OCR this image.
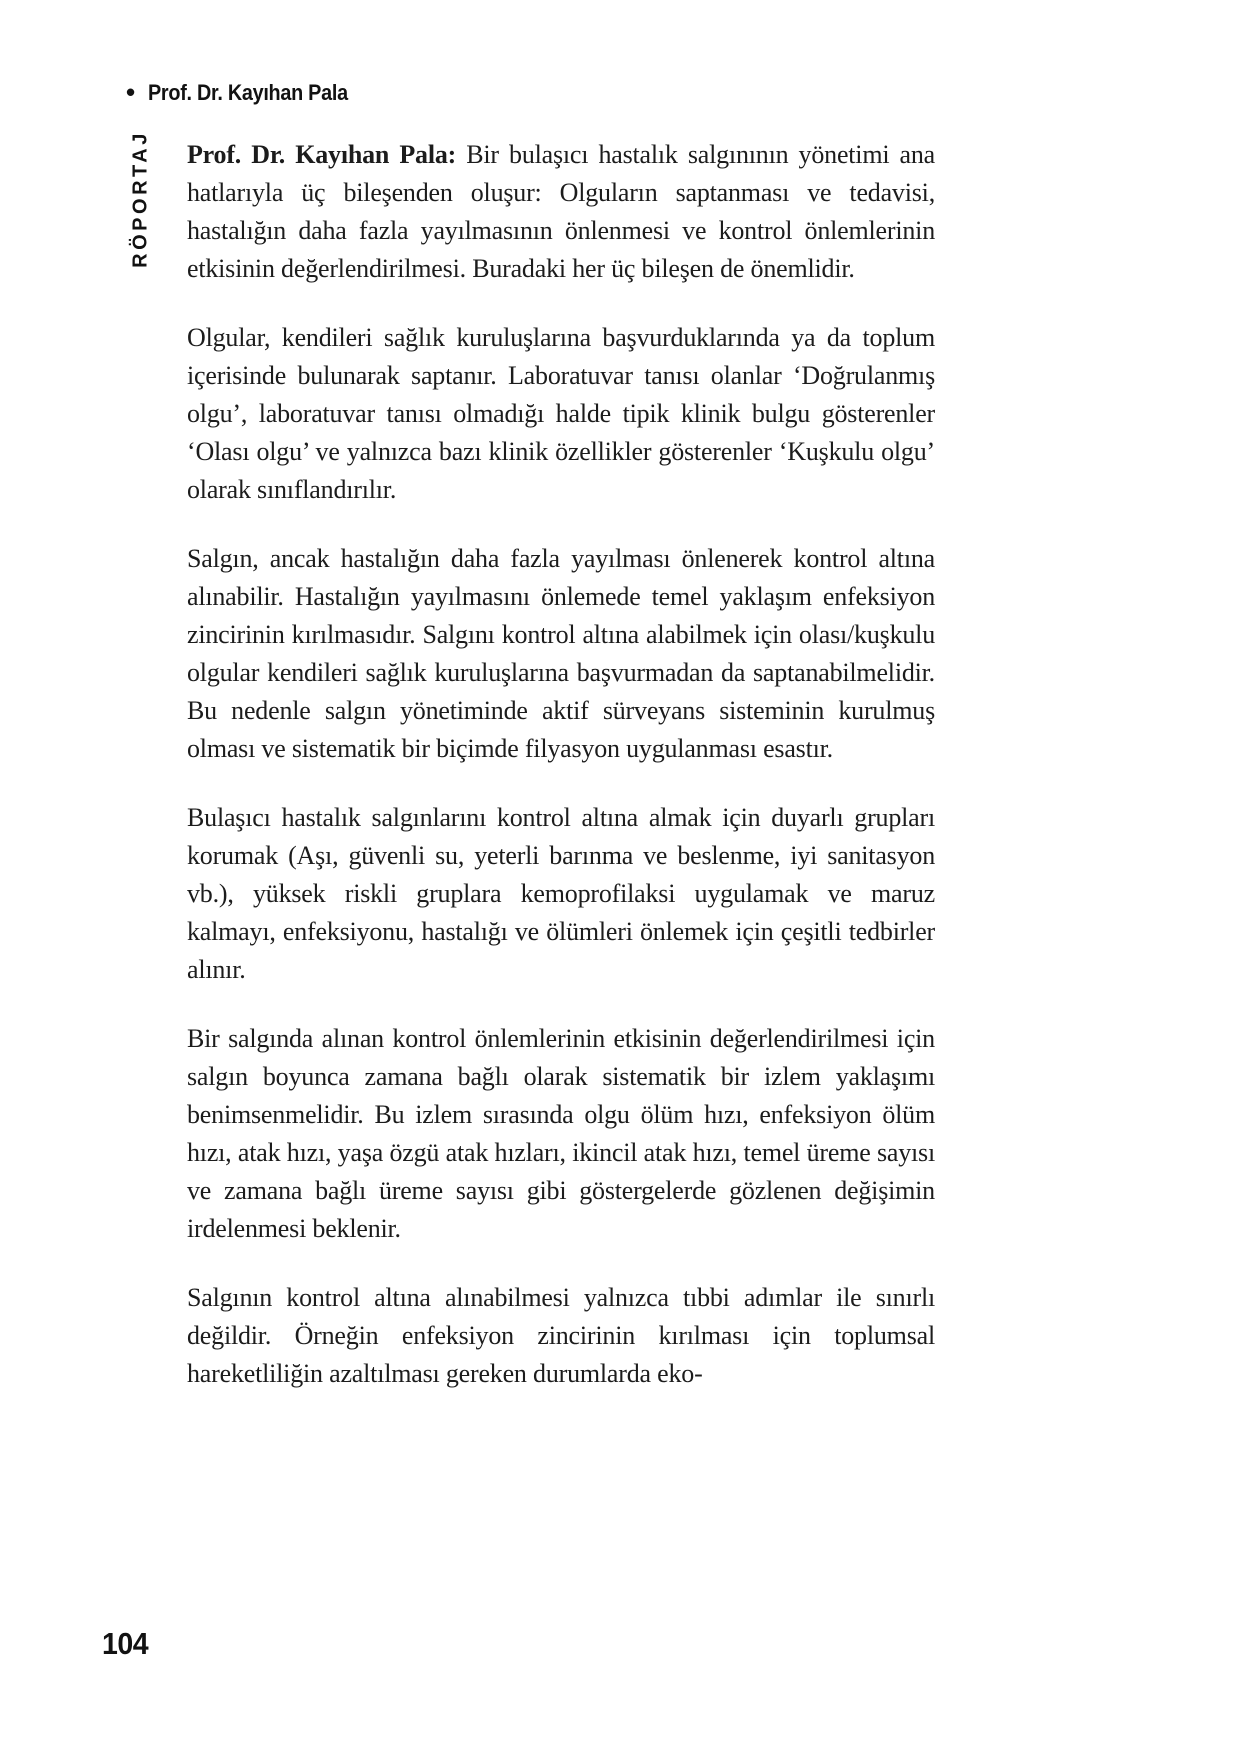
• Prof. Dr. Kayıhan Pala
RÖPORTAJ Prof. Dr. Kayıhan Pala: Bir bulaşıcı hastalık salgınının yönetimi ana hatlarıyla üç bileşenden oluşur: Olguların saptanması ve tedavisi, hastalığın daha fazla yayılmasının önlenmesi ve kontrol önlemlerinin etkisinin değerlendirilmesi. Buradaki her üç bileşen de önemlidir.

Olgular, kendileri sağlık kuruluşlarına başvurduklarında ya da toplum içerisinde bulunarak saptanır. Laboratuvar tanısı olanlar ‘Doğrulanmış olgu’, laboratuvar tanısı olmadığı halde tipik klinik bulgu gösterenler ‘Olası olgu’ ve yalnızca bazı klinik özellikler gösterenler ‘Kuşkulu olgu’ olarak sınıflandırılır.

Salgın, ancak hastalığın daha fazla yayılması önlenerek kontrol altına alınabilir. Hastalığın yayılmasını önlemede temel yaklaşım enfeksiyon zincirinin kırılmasıdır. Salgını kontrol altına alabilmek için olası/kuşkulu olgular kendileri sağlık kuruluşlarına başvurmadan da saptanabilmelidir. Bu nedenle salgın yönetiminde aktif sürveyans sisteminin kurulmuş olması ve sistematik bir biçimde filyasyon uygulanması esastır.

Bulaşıcı hastalık salgınlarını kontrol altına almak için duyarlı grupları korumak (Aşı, güvenli su, yeterli barınma ve beslenme, iyi sanitasyon vb.), yüksek riskli gruplara kemoprofilaksi uygulamak ve maruz kalmayı, enfeksiyonu, hastalığı ve ölümleri önlemek için çeşitli tedbirler alınır.

Bir salgında alınan kontrol önlemlerinin etkisinin değerlendirilmesi için salgın boyunca zamana bağlı olarak sistematik bir izlem yaklaşımı benimsenmelidir. Bu izlem sırasında olgu ölüm hızı, enfeksiyon ölüm hızı, atak hızı, yaşa özgü atak hızları, ikincil atak hızı, temel üreme sayısı ve zamana bağlı üreme sayısı gibi göstergelerde gözlenen değişimin irdelenmesi beklenir.

Salgının kontrol altına alınabilmesi yalnızca tıbbi adımlar ile sınırlı değildir. Örneğin enfeksiyon zincirinin kırılması için toplumsal hareketliliğin azaltılması gereken durumlarda eko-

104
